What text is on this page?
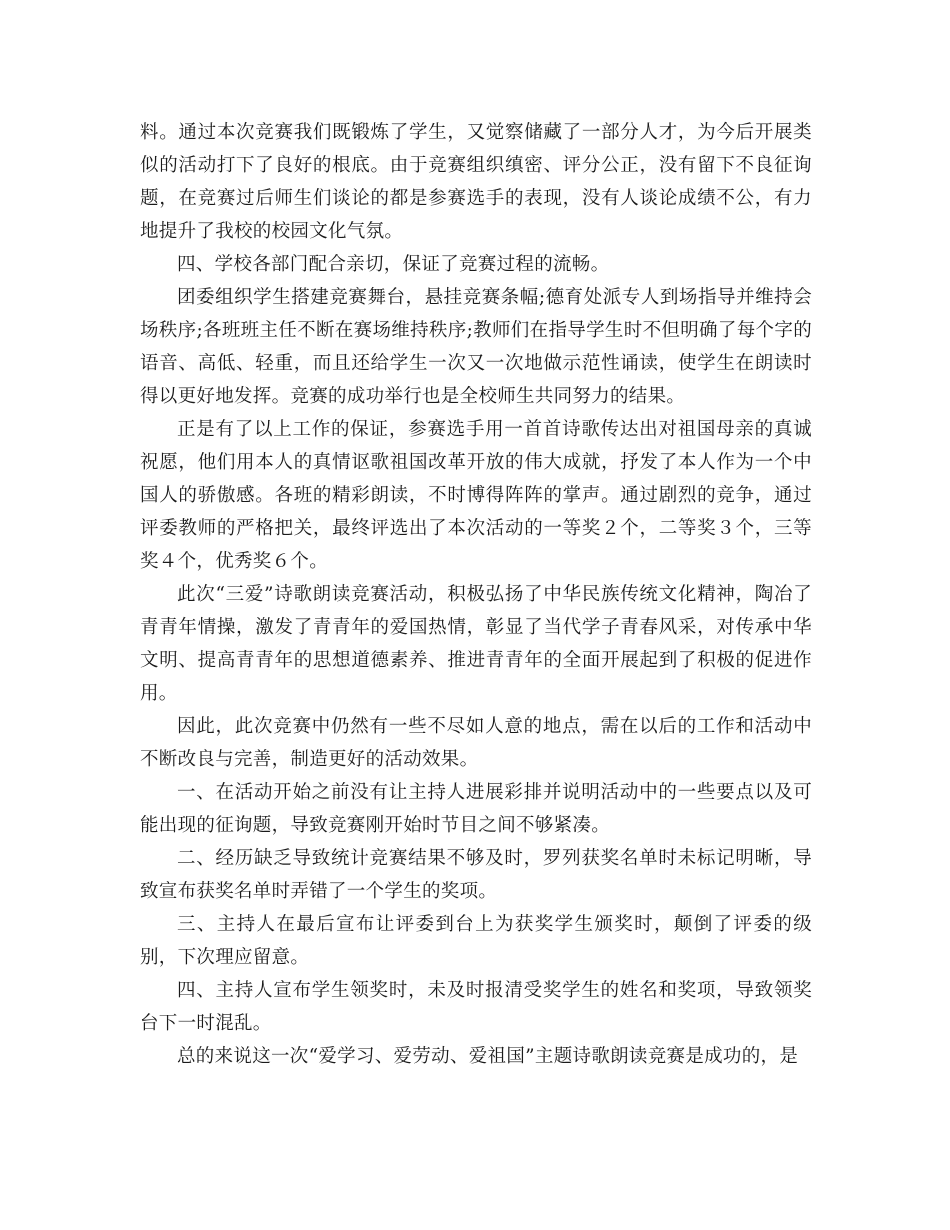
料。通过本次竞赛我们既锻炼了学生，又觉察储藏了一部分人才，为今后开展类似的活动打下了良好的根底。由于竞赛组织缜密、评分公正，没有留下不良征询题，在竞赛过后师生们谈论的都是参赛选手的表现，没有人谈论成绩不公，有力地提升了我校的校园文化气氛。

四、学校各部门配合亲切，保证了竞赛过程的流畅。

团委组织学生搭建竞赛舞台，悬挂竞赛条幅;德育处派专人到场指导并维持会场秩序;各班班主任不断在赛场维持秩序;教师们在指导学生时不但明确了每个字的语音、高低、轻重，而且还给学生一次又一次地做示范性诵读，使学生在朗读时得以更好地发挥。竞赛的成功举行也是全校师生共同努力的结果。

正是有了以上工作的保证，参赛选手用一首首诗歌传达出对祖国母亲的真诚祝愿，他们用本人的真情讴歌祖国改革开放的伟大成就，抒发了本人作为一个中国人的骄傲感。各班的精彩朗读，不时博得阵阵的掌声。通过剧烈的竞争，通过评委教师的严格把关，最终评选出了本次活动的一等奖２个，二等奖３个，三等奖４个，优秀奖６个。

此次“三爱”诗歌朗读竞赛活动，积极弘扬了中华民族传统文化精神，陶冶了青青年情操，激发了青青年的爱国热情，彰显了当代学子青春风采，对传承中华文明、提高青青年的思想道德素养、推进青青年的全面开展起到了积极的促进作用。

因此，此次竞赛中仍然有一些不尽如人意的地点，需在以后的工作和活动中不断改良与完善，制造更好的活动效果。

一、在活动开始之前没有让主持人进展彩排并说明活动中的一些要点以及可能出现的征询题，导致竞赛刚开始时节目之间不够紧凑。

二、经历缺乏导致统计竞赛结果不够及时，罗列获奖名单时未标记明晰，导致宣布获奖名单时弄错了一个学生的奖项。

三、主持人在最后宣布让评委到台上为获奖学生颁奖时，颠倒了评委的级别，下次理应留意。

四、主持人宣布学生领奖时，未及时报清受奖学生的姓名和奖项，导致领奖台下一时混乱。

总的来说这一次“爱学习、爱劳动、爱祖国”主题诗歌朗读竞赛是成功的，是
